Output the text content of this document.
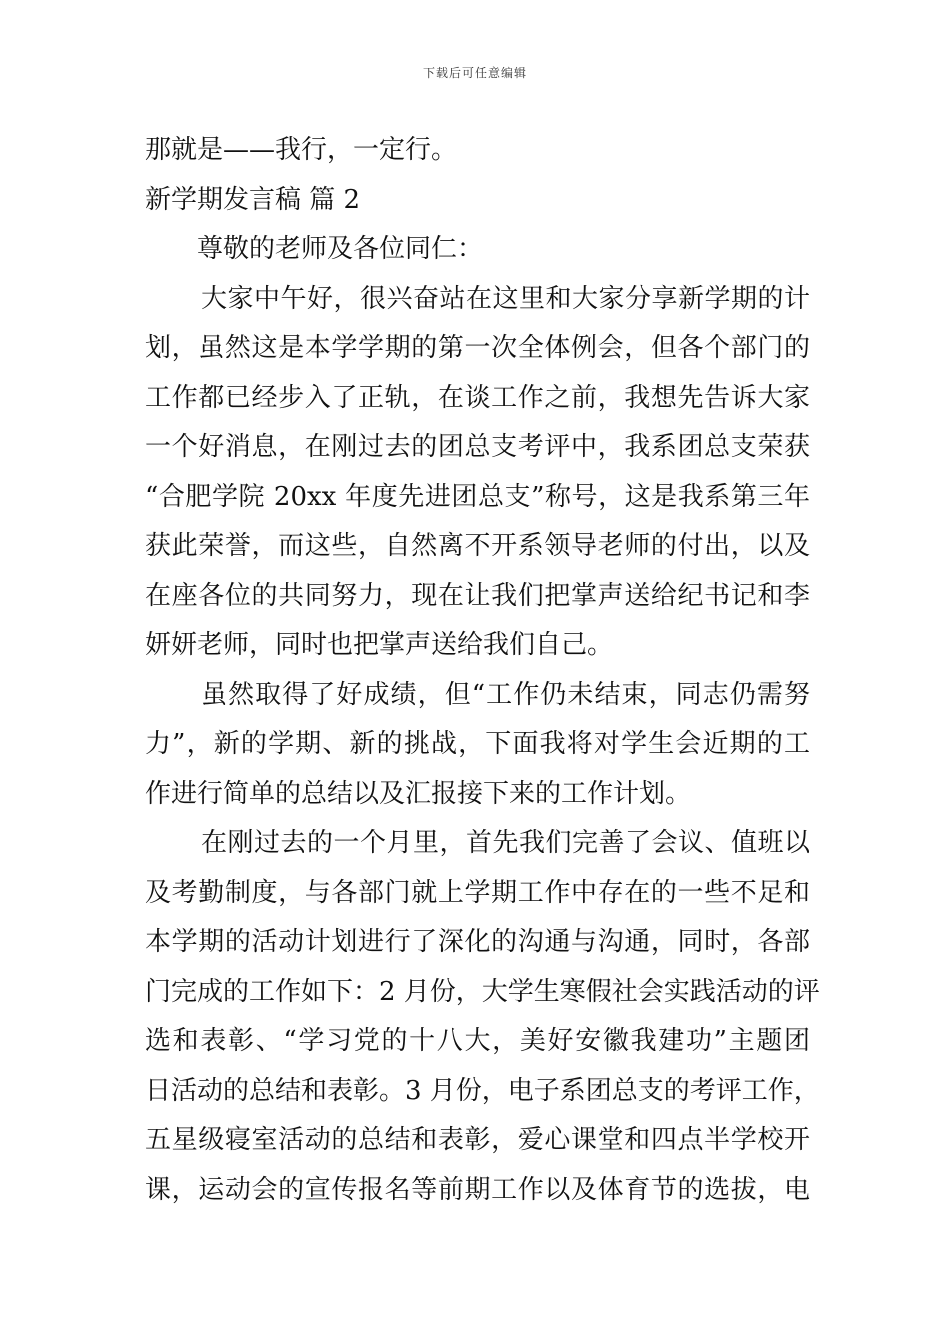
下载后可任意编辑
那就是——我行，一定行。
新学期发言稿 篇 2
尊敬的老师及各位同仁：
大家中午好，很兴奋站在这里和大家分享新学期的计
划，虽然这是本学学期的第一次全体例会，但各个部门的
工作都已经步入了正轨，在谈工作之前，我想先告诉大家
一个好消息，在刚过去的团总支考评中，我系团总支荣获
“合肥学院 20xx 年度先进团总支”称号，这是我系第三年
获此荣誉，而这些，自然离不开系领导老师的付出，以及
在座各位的共同努力，现在让我们把掌声送给纪书记和李
妍妍老师，同时也把掌声送给我们自己。
虽然取得了好成绩，但“工作仍未结束，同志仍需努
力”，新的学期、新的挑战，下面我将对学生会近期的工
作进行简单的总结以及汇报接下来的工作计划。
在刚过去的一个月里，首先我们完善了会议、值班以
及考勤制度，与各部门就上学期工作中存在的一些不足和
本学期的活动计划进行了深化的沟通与沟通，同时，各部
门完成的工作如下：2 月份，大学生寒假社会实践活动的评
选和表彰、“学习党的十八大，美好安徽我建功”主题团
日活动的总结和表彰。3 月份，电子系团总支的考评工作，
五星级寝室活动的总结和表彰，爱心课堂和四点半学校开
课，运动会的宣传报名等前期工作以及体育节的选拔，电
